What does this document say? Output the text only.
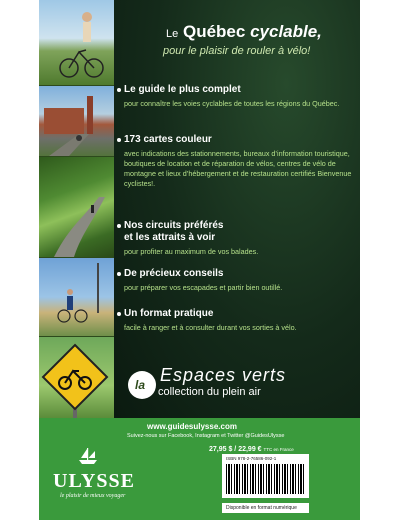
Le Québec cyclable,
pour le plaisir de rouler à vélo!
Le guide le plus complet
pour connaître les voies cyclables de toutes les régions du Québec.
173 cartes couleur
avec indications des stationnements, bureaux d’information touristique, boutiques de location et de réparation de vélos, centres de vélo de montagne et lieux d’hébergement et de restauration certifiés Bienvenue cyclistes!.
Nos circuits préférés
et les attraits à voir
pour profiter au maximum de vos balades.
De précieux conseils
pour préparer vos escapades et partir bien outillé.
Un format pratique
facile à ranger et à consulter durant vos sorties à vélo.
la Espaces verts
collection du plein air
www.guidesulysse.com
Suivez-nous sur Facebook, Instagram et Twitter @GuidesUlysse
ULYSSE
le plaisir de mieux voyager
27,95 $ / 22,99 € TTC en France
ISBN 978-2-76586-092-1
Disponible en format numérique
